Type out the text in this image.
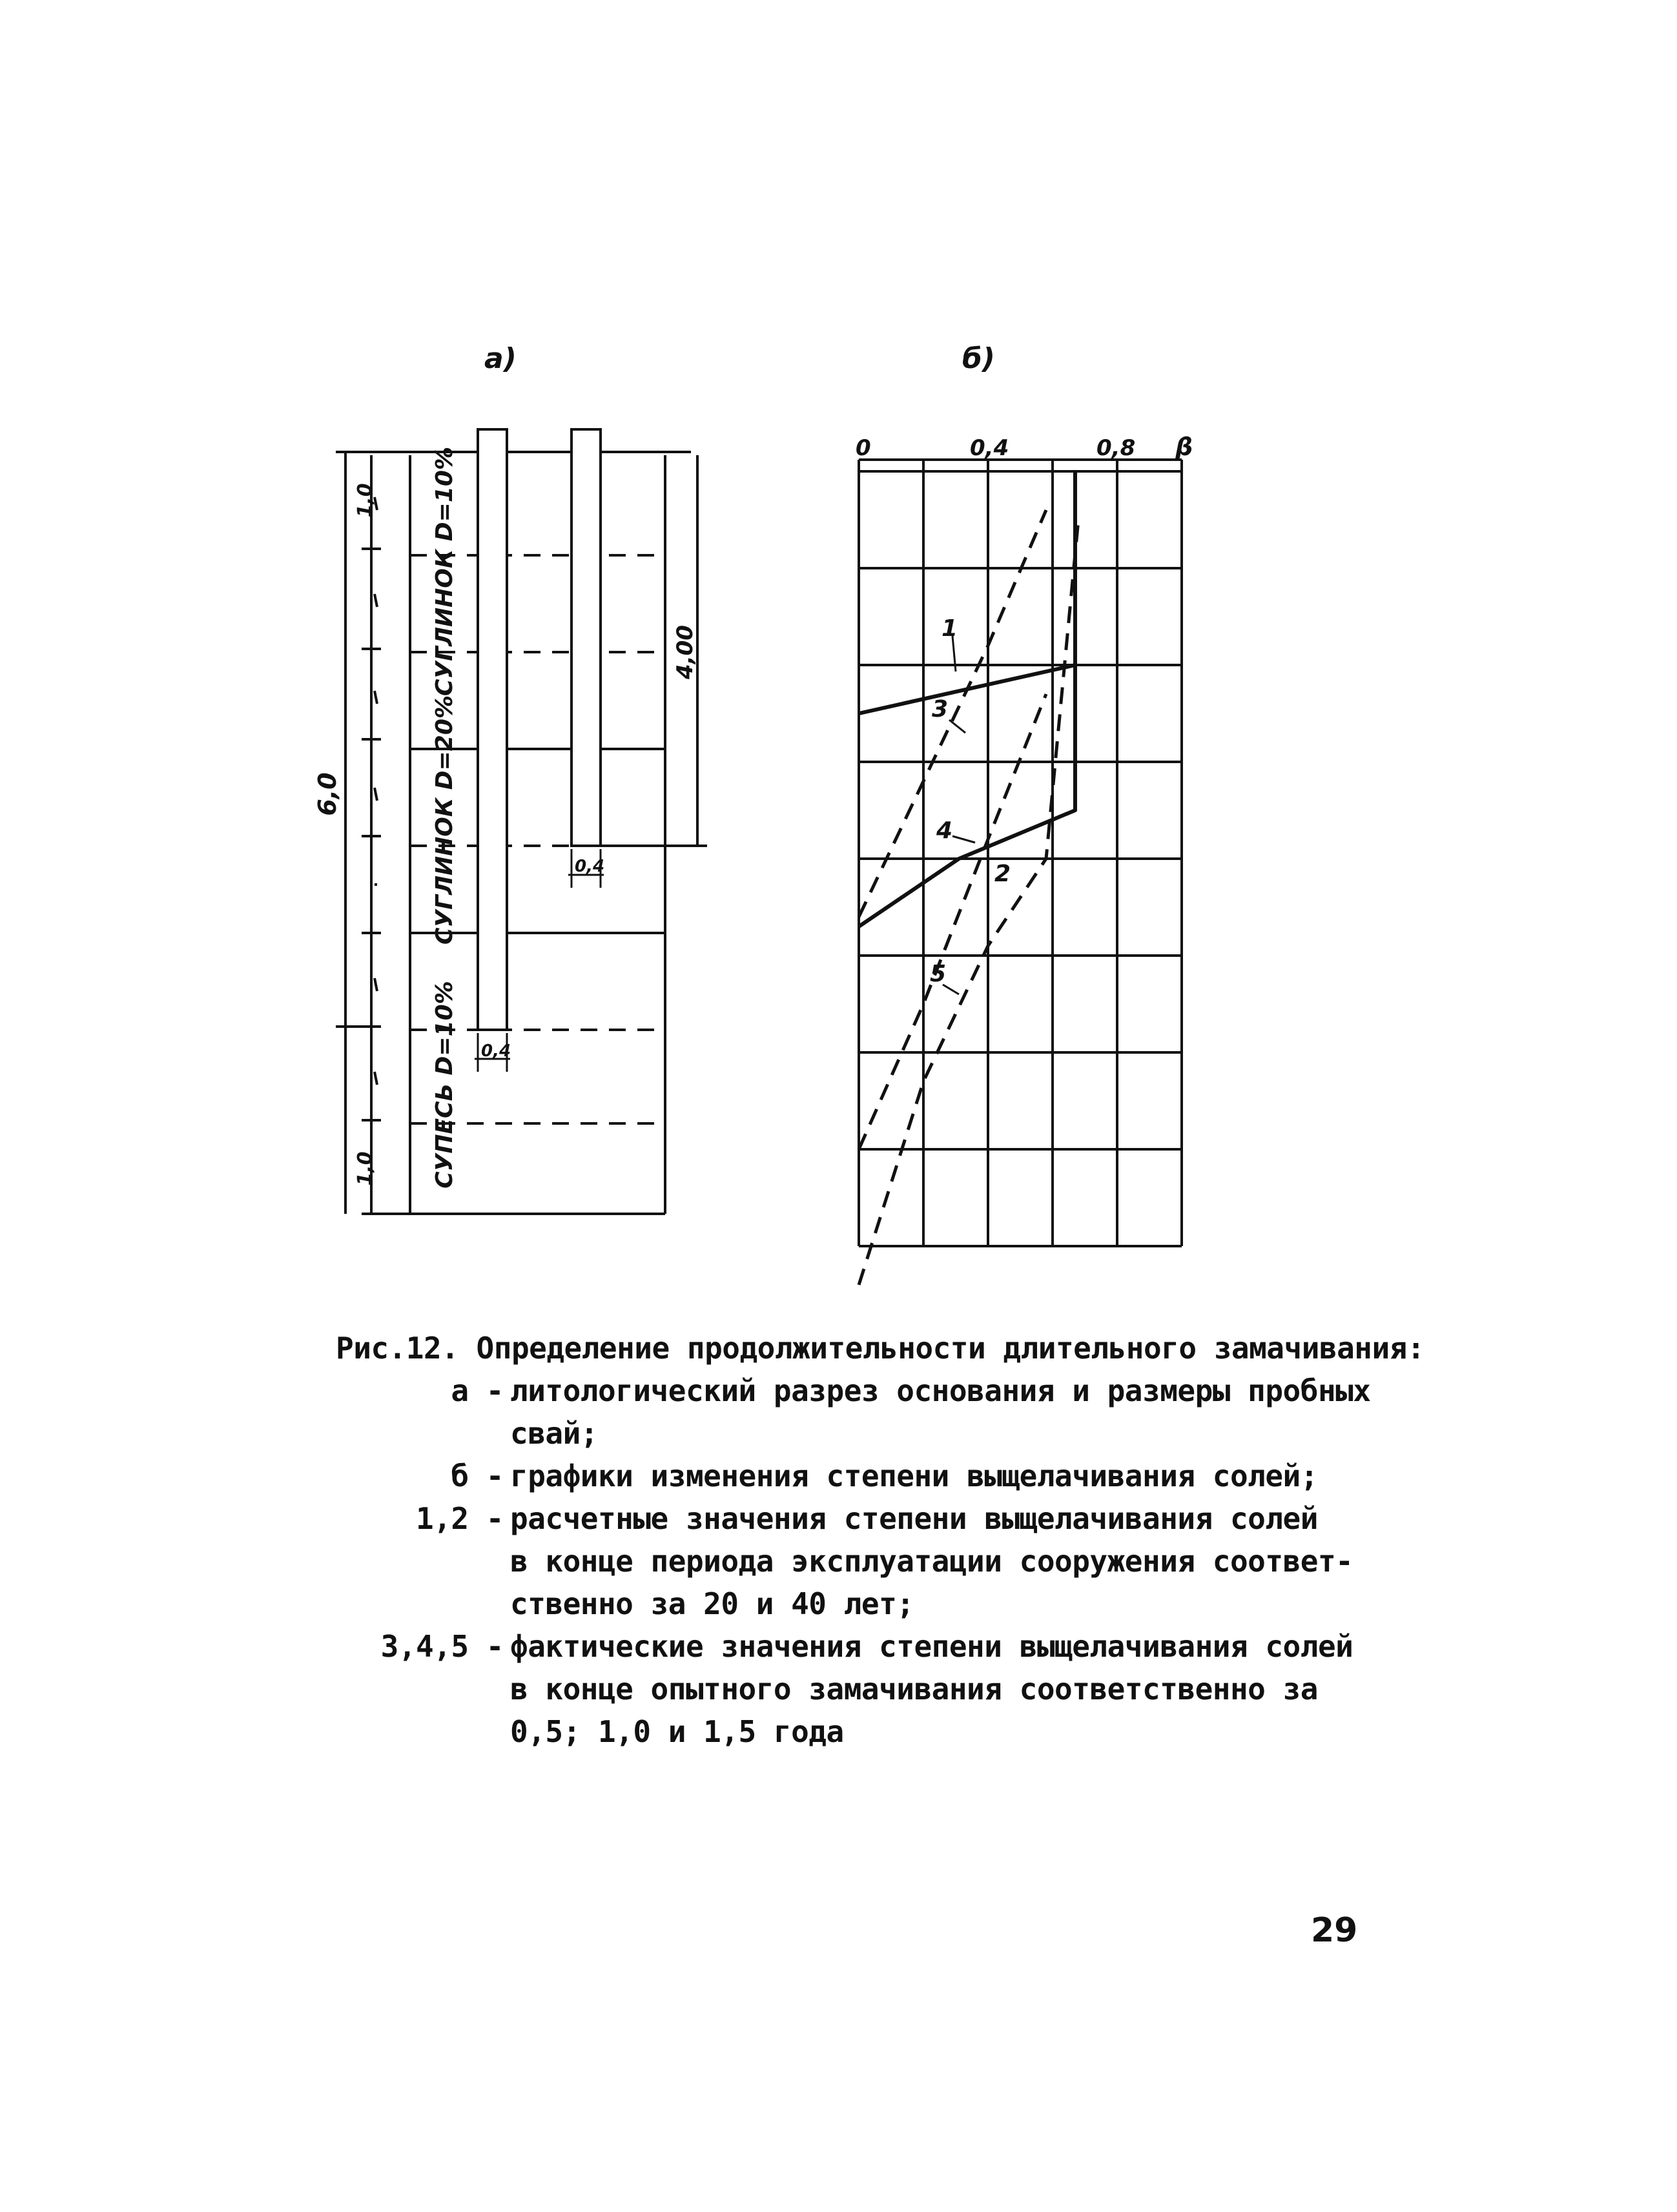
а)
6,0
1,0
1,0
СУГЛИНОК D=10%
СУГЛИНОК D=20%
СУПЕСЬ D=10% 0,4
0,4
4,00
б)
0	0,4	0,8 β
1
2
3
4
5
Рис.12. Определение продолжительности длительного замачивания:
а - литологический разрез основания и размеры пробных
свай;
б - графики изменения степени выщелачивания солей;
1,2 - расчетные значения степени выщелачивания солей
в конце периода эксплуатации сооружения соответ-
ственно за 20 и 40 лет;
3,4,5 - фактические значения степени выщелачивания солей
в конце опытного замачивания соответственно за
0,5; 1,0 и 1,5 года
29
